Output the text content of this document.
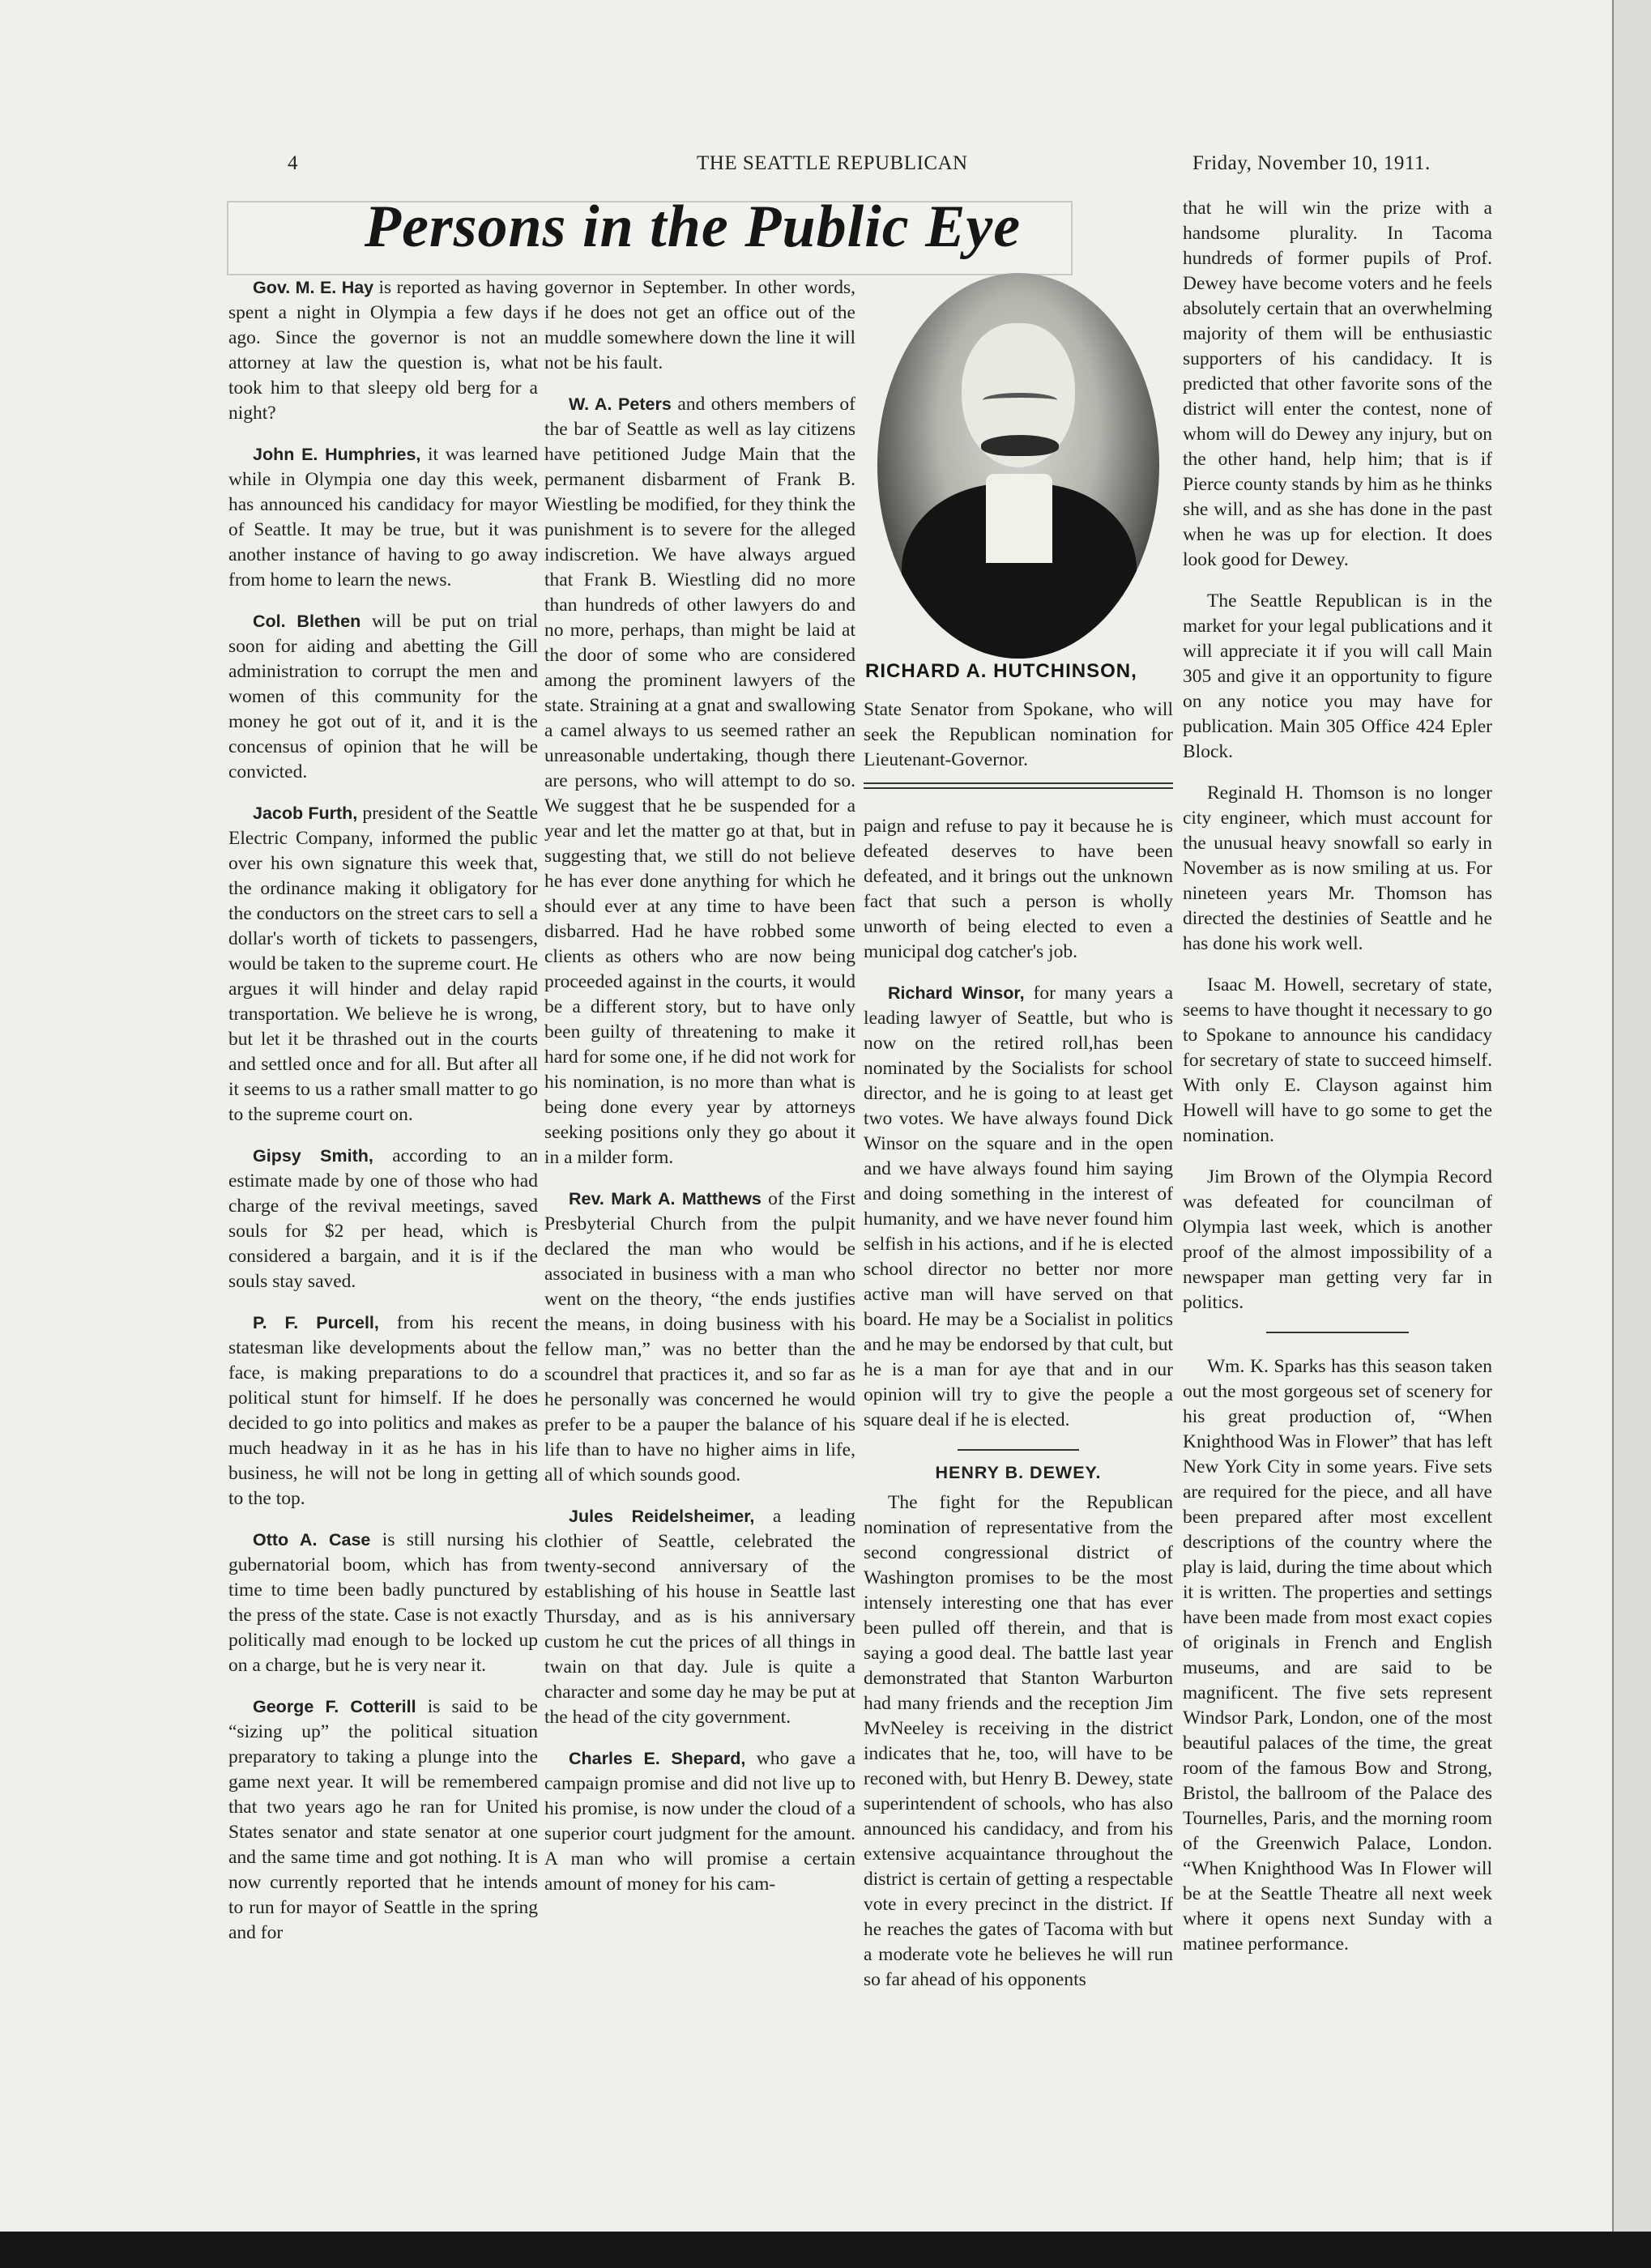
4	THE SEATTLE REPUBLICAN	Friday, November 10, 1911.
Persons in the Public Eye

Gov. M. E. Hay is reported as having spent a night in Olympia a few days ago. Since the governor is not an attorney at law the question is, what took him to that sleepy old berg for a night?

John E. Humphries, it was learned while in Olympia one day this week, has announced his candidacy for mayor of Seattle. It may be true, but it was another instance of having to go away from home to learn the news.

Col. Blethen will be put on trial soon for aiding and abetting the Gill administration to corrupt the men and women of this community for the money he got out of it, and it is the concensus of opinion that he will be convicted.

Jacob Furth, president of the Seattle Electric Company, informed the public over his own signature this week that, the ordinance making it obligatory for the conductors on the street cars to sell a dollar's worth of tickets to passengers, would be taken to the supreme court. He argues it will hinder and delay rapid transportation. We believe he is wrong, but let it be thrashed out in the courts and settled once and for all. But after all it seems to us a rather small matter to go to the supreme court on.

Gipsy Smith, according to an estimate made by one of those who had charge of the revival meetings, saved souls for $2 per head, which is considered a bargain, and it is if the souls stay saved.

P. F. Purcell, from his recent statesman like developments about the face, is making preparations to do a political stunt for himself. If he does decided to go into politics and makes as much headway in it as he has in his business, he will not be long in getting to the top.

Otto A. Case is still nursing his gubernatorial boom, which has from time to time been badly punctured by the press of the state. Case is not exactly politically mad enough to be locked up on a charge, but he is very near it.

George F. Cotterill is said to be “sizing up” the political situation preparatory to taking a plunge into the game next year. It will be remembered that two years ago he ran for United States senator and state senator at one and the same time and got nothing. It is now currently reported that he intends to run for mayor of Seattle in the spring and for

governor in September. In other words, if he does not get an office out of the muddle somewhere down the line it will not be his fault.

W. A. Peters and others members of the bar of Seattle as well as lay citizens have petitioned Judge Main that the permanent disbarment of Frank B. Wiestling be modified, for they think the punishment is to severe for the alleged indiscretion. We have always argued that Frank B. Wiestling did no more than hundreds of other lawyers do and no more, perhaps, than might be laid at the door of some who are considered among the prominent lawyers of the state. Straining at a gnat and swallowing a camel always to us seemed rather an unreasonable undertaking, though there are persons, who will attempt to do so. We suggest that he be suspended for a year and let the matter go at that, but in suggesting that, we still do not believe he has ever done anything for which he should ever at any time to have been disbarred. Had he have robbed some clients as others who are now being proceeded against in the courts, it would be a different story, but to have only been guilty of threatening to make it hard for some one, if he did not work for his nomination, is no more than what is being done every year by attorneys seeking positions only they go about it in a milder form.

Rev. Mark A. Matthews of the First Presbyterial Church from the pulpit declared the man who would be associated in business with a man who went on the theory, “the ends justifies the means, in doing business with his fellow man,” was no better than the scoundrel that practices it, and so far as he personally was concerned he would prefer to be a pauper the balance of his life than to have no higher aims in life, all of which sounds good.

Jules Reidelsheimer, a leading clothier of Seattle, celebrated the twenty-second anniversary of the establishing of his house in Seattle last Thursday, and as is his anniversary custom he cut the prices of all things in twain on that day. Jule is quite a character and some day he may be put at the head of the city government.

Charles E. Shepard, who gave a campaign promise and did not live up to his promise, is now under the cloud of a superior court judgment for the amount. A man who will promise a certain amount of money for his cam-

RICHARD A. HUTCHINSON,
State Senator from Spokane, who will seek the Republican nomination for Lieutenant-Governor.

paign and refuse to pay it because he is defeated deserves to have been defeated, and it brings out the unknown fact that such a person is wholly unworth of being elected to even a municipal dog catcher's job.

Richard Winsor, for many years a leading lawyer of Seattle, but who is now on the retired roll,has been nominated by the Socialists for school director, and he is going to at least get two votes. We have always found Dick Winsor on the square and in the open and we have always found him saying and doing something in the interest of humanity, and we have never found him selfish in his actions, and if he is elected school director no better nor more active man will have served on that board. He may be a Socialist in politics and he may be endorsed by that cult, but he is a man for aye that and in our opinion will try to give the people a square deal if he is elected.

HENRY B. DEWEY.

The fight for the Republican nomination of representative from the second congressional district of Washington promises to be the most intensely interesting one that has ever been pulled off therein, and that is saying a good deal. The battle last year demonstrated that Stanton Warburton had many friends and the reception Jim MvNeeley is receiving in the district indicates that he, too, will have to be reconed with, but Henry B. Dewey, state superintendent of schools, who has also announced his candidacy, and from his extensive acquaintance throughout the district is certain of getting a respectable vote in every precinct in the district. If he reaches the gates of Tacoma with but a moderate vote he believes he will run so far ahead of his opponents

that he will win the prize with a handsome plurality. In Tacoma hundreds of former pupils of Prof. Dewey have become voters and he feels absolutely certain that an overwhelming majority of them will be enthusiastic supporters of his candidacy. It is predicted that other favorite sons of the district will enter the contest, none of whom will do Dewey any injury, but on the other hand, help him; that is if Pierce county stands by him as he thinks she will, and as she has done in the past when he was up for election. It does look good for Dewey.

The Seattle Republican is in the market for your legal publications and it will appreciate it if you will call Main 305 and give it an opportunity to figure on any notice you may have for publication. Main 305 Office 424 Epler Block.

Reginald H. Thomson is no longer city engineer, which must account for the unusual heavy snowfall so early in November as is now smiling at us. For nineteen years Mr. Thomson has directed the destinies of Seattle and he has done his work well.

Isaac M. Howell, secretary of state, seems to have thought it necessary to go to Spokane to announce his candidacy for secretary of state to succeed himself. With only E. Clayson against him Howell will have to go some to get the nomination.

Jim Brown of the Olympia Record was defeated for councilman of Olympia last week, which is another proof of the almost impossibility of a newspaper man getting very far in politics.

Wm. K. Sparks has this season taken out the most gorgeous set of scenery for his great production of, “When Knighthood Was in Flower” that has left New York City in some years. Five sets are required for the piece, and all have been prepared after most excellent descriptions of the country where the play is laid, during the time about which it is written. The properties and settings have been made from most exact copies of originals in French and English museums, and are said to be magnificent. The five sets represent Windsor Park, London, one of the most beautiful palaces of the time, the great room of the famous Bow and Strong, Bristol, the ballroom of the Palace des Tournelles, Paris, and the morning room of the Greenwich Palace, London. “When Knighthood Was In Flower will be at the Seattle Theatre all next week where it opens next Sunday with a matinee performance.
